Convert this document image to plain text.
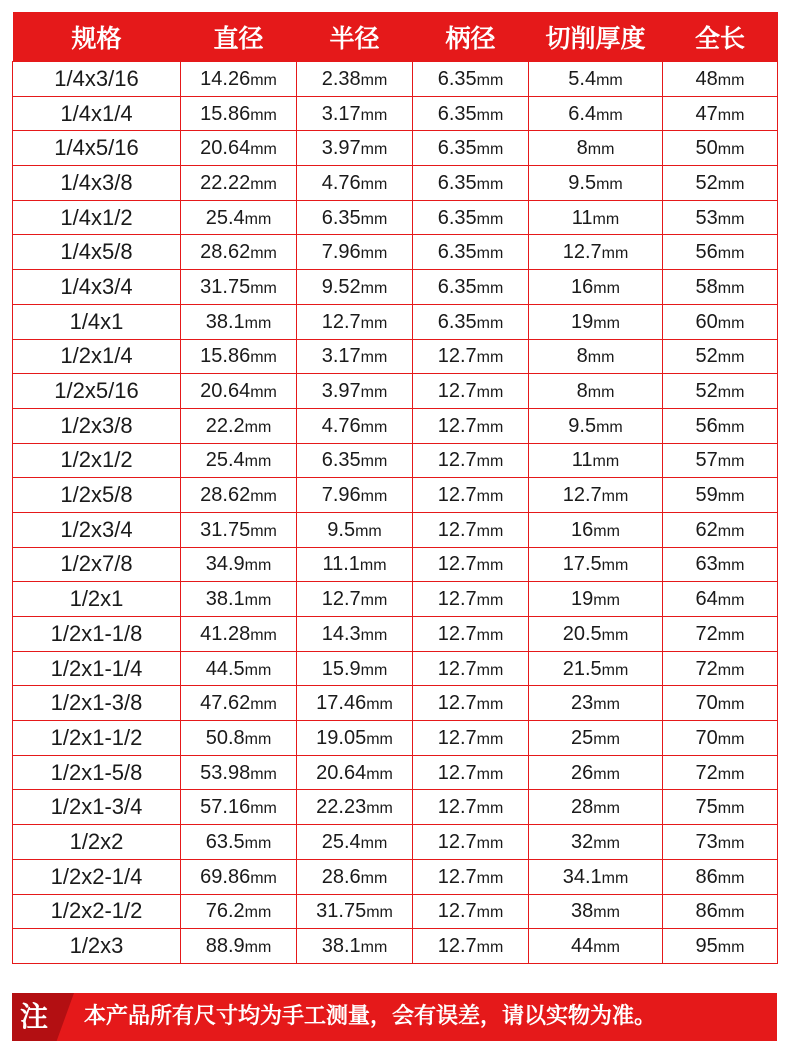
规格	直径	半径	柄径	切削厚度	全长
1/4x3/16	14.26mm	2.38mm	6.35mm	5.4mm	48mm
1/4x1/4	15.86mm	3.17mm	6.35mm	6.4mm	47mm
1/4x5/16	20.64mm	3.97mm	6.35mm	8mm	50mm
1/4x3/8	22.22mm	4.76mm	6.35mm	9.5mm	52mm
1/4x1/2	25.4mm	6.35mm	6.35mm	11mm	53mm
1/4x5/8	28.62mm	7.96mm	6.35mm	12.7mm	56mm
1/4x3/4	31.75mm	9.52mm	6.35mm	16mm	58mm
1/4x1	38.1mm	12.7mm	6.35mm	19mm	60mm
1/2x1/4	15.86mm	3.17mm	12.7mm	8mm	52mm
1/2x5/16	20.64mm	3.97mm	12.7mm	8mm	52mm
1/2x3/8	22.2mm	4.76mm	12.7mm	9.5mm	56mm
1/2x1/2	25.4mm	6.35mm	12.7mm	11mm	57mm
1/2x5/8	28.62mm	7.96mm	12.7mm	12.7mm	59mm
1/2x3/4	31.75mm	9.5mm	12.7mm	16mm	62mm
1/2x7/8	34.9mm	11.1mm	12.7mm	17.5mm	63mm
1/2x1	38.1mm	12.7mm	12.7mm	19mm	64mm
1/2x1-1/8	41.28mm	14.3mm	12.7mm	20.5mm	72mm
1/2x1-1/4	44.5mm	15.9mm	12.7mm	21.5mm	72mm
1/2x1-3/8	47.62mm	17.46mm	12.7mm	23mm	70mm
1/2x1-1/2	50.8mm	19.05mm	12.7mm	25mm	70mm
1/2x1-5/8	53.98mm	20.64mm	12.7mm	26mm	72mm
1/2x1-3/4	57.16mm	22.23mm	12.7mm	28mm	75mm
1/2x2	63.5mm	25.4mm	12.7mm	32mm	73mm
1/2x2-1/4	69.86mm	28.6mm	12.7mm	34.1mm	86mm
1/2x2-1/2	76.2mm	31.75mm	12.7mm	38mm	86mm
1/2x3	88.9mm	38.1mm	12.7mm	44mm	95mm
注 本产品所有尺寸均为手工测量，会有误差，请以实物为准。
